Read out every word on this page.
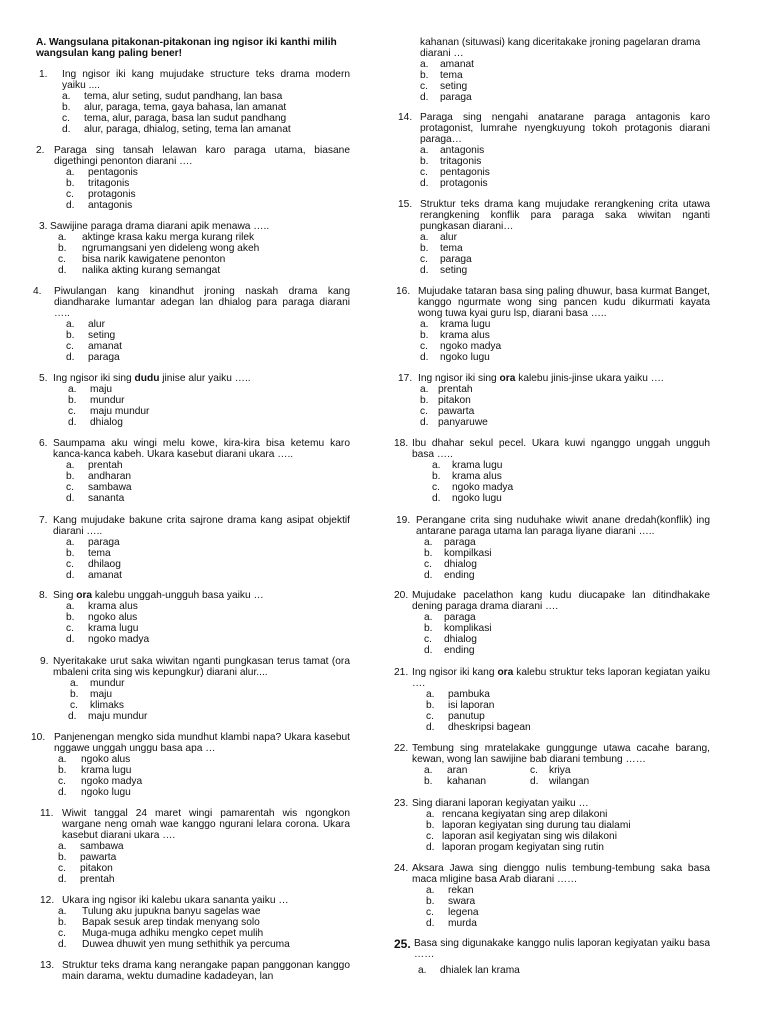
A. Wangsulana pitakonan-pitakonan ing ngisor iki kanthi milih
wangsulan kang paling bener!
1. Ing ngisor iki kang mujudake structure teks drama modern yaiku ....
a. tema, alur seting, sudut pandhang, lan basa
b. alur, paraga, tema, gaya bahasa, lan amanat
c. tema, alur, paraga, basa lan sudut pandhang
d. alur, paraga, dhialog, seting, tema lan amanat
2. Paraga sing tansah lelawan karo paraga utama, biasane digethingi penonton diarani ….
a. pentagonis
b. tritagonis
c. protagonis
d. antagonis
3. Sawijine paraga drama diarani apik menawa …..
a. aktinge krasa kaku merga kurang rilek
b. ngrumangsani yen dideleng wong akeh
c. bisa narik kawigatene penonton
d. nalika akting kurang semangat
4. Piwulangan kang kinandhut jroning naskah drama kang diandharake lumantar adegan lan dhialog para paraga diarani …..
a. alur
b. seting
c. amanat
d. paraga
5. Ing ngisor iki sing dudu jinise alur yaiku …..
a. maju
b. mundur
c. maju mundur
d. dhialog
6. Saumpama aku wingi melu kowe, kira-kira bisa ketemu karo kanca-kanca kabeh. Ukara kasebut diarani ukara …..
a. prentah
b. andharan
c. sambawa
d. sananta
7. Kang mujudake bakune crita sajrone drama kang asipat objektif diarani …..
a. paraga
b. tema
c. dhilaog
d. amanat
8. Sing ora kalebu unggah-ungguh basa yaiku …
a. krama alus
b. ngoko alus
c. krama lugu
d. ngoko madya
9. Nyeritakake urut saka wiwitan nganti pungkasan terus tamat (ora mbaleni crita sing wis kepungkur) diarani alur....
a. mundur
b. maju
c. klimaks
d. maju mundur
10. Panjenengan mengko sida mundhut klambi napa? Ukara kasebut nggawe unggah unggu basa apa …
a. ngoko alus
b. krama lugu
c. ngoko madya
d. ngoko lugu
11. Wiwit tanggal 24 maret wingi pamarentah wis ngongkon wargane neng omah wae kanggo ngurani lelara corona. Ukara kasebut diarani ukara ….
a. sambawa
b. pawarta
c. pitakon
d. prentah
12. Ukara ing ngisor iki kalebu ukara sananta yaiku …
a. Tulung aku jupukna banyu sagelas wae
b. Bapak sesuk arep tindak menyang solo
c. Muga-muga adhiku mengko cepet mulih
d. Duwea dhuwit yen mung sethithik ya percuma
13. Struktur teks drama kang nerangake papan panggonan kanggo main darama, wektu dumadine kadadeyan, lan
kahanan (situwasi) kang diceritakake jroning pagelaran drama
diarani …
a. amanat
b. tema
c. seting
d. paraga
14. Paraga sing nengahi anatarane paraga antagonis karo protagonist, lumrahe nyengkuyung tokoh protagonis diarani paraga…
a. antagonis
b. tritagonis
c. pentagonis
d. protagonis
15. Struktur teks drama kang mujudake rerangkening crita utawa rerangkening konflik para paraga saka wiwitan nganti pungkasan diarani…
a. alur
b. tema
c. paraga
d. seting
16. Mujudake tataran basa sing paling dhuwur, basa kurmat Banget, kanggo ngurmate wong sing pancen kudu dikurmati kayata wong tuwa kyai guru lsp, diarani basa …..
a. krama lugu
b. krama alus
c. ngoko madya
d. ngoko lugu
17. Ing ngisor iki sing ora kalebu jinis-jinse ukara yaiku ….
a. prentah
b. pitakon
c. pawarta
d. panyaruwe
18. Ibu dhahar sekul pecel. Ukara kuwi nganggo unggah ungguh basa …..
a. krama lugu
b. krama alus
c. ngoko madya
d. ngoko lugu
19. Perangane crita sing nuduhake wiwit anane dredah(konflik) ing antarane paraga utama lan paraga liyane diarani …..
a. paraga
b. kompilkasi
c. dhialog
d. ending
20. Mujudake pacelathon kang kudu diucapake lan ditindhakake dening paraga drama diarani ….
a. paraga
b. komplikasi
c. dhialog
d. ending
21. Ing ngisor iki kang ora kalebu struktur teks laporan kegiatan yaiku ….
a. pambuka
b. isi laporan
c. panutup
d. dheskripsi bagean
22. Tembung sing mratelakake gunggunge utawa cacahe barang, kewan, wong lan sawijine bab diarani tembung ……
a. aran	c. kriya
b. kahanan	d. wilangan
23. Sing diarani laporan kegiyatan yaiku …
a. rencana kegiyatan sing arep dilakoni
b. laporan kegiyatan sing durung tau dialami
c. laporan asil kegiyatan sing wis dilakoni
d. laporan progam kegiyatan sing rutin
24. Aksara Jawa sing dienggo nulis tembung-tembung saka basa maca mligine basa Arab diarani ……
a. rekan
b. swara
c. legena
d. murda
25. Basa sing digunakake kanggo nulis laporan kegiyatan yaiku basa ……
a. dhialek lan krama
